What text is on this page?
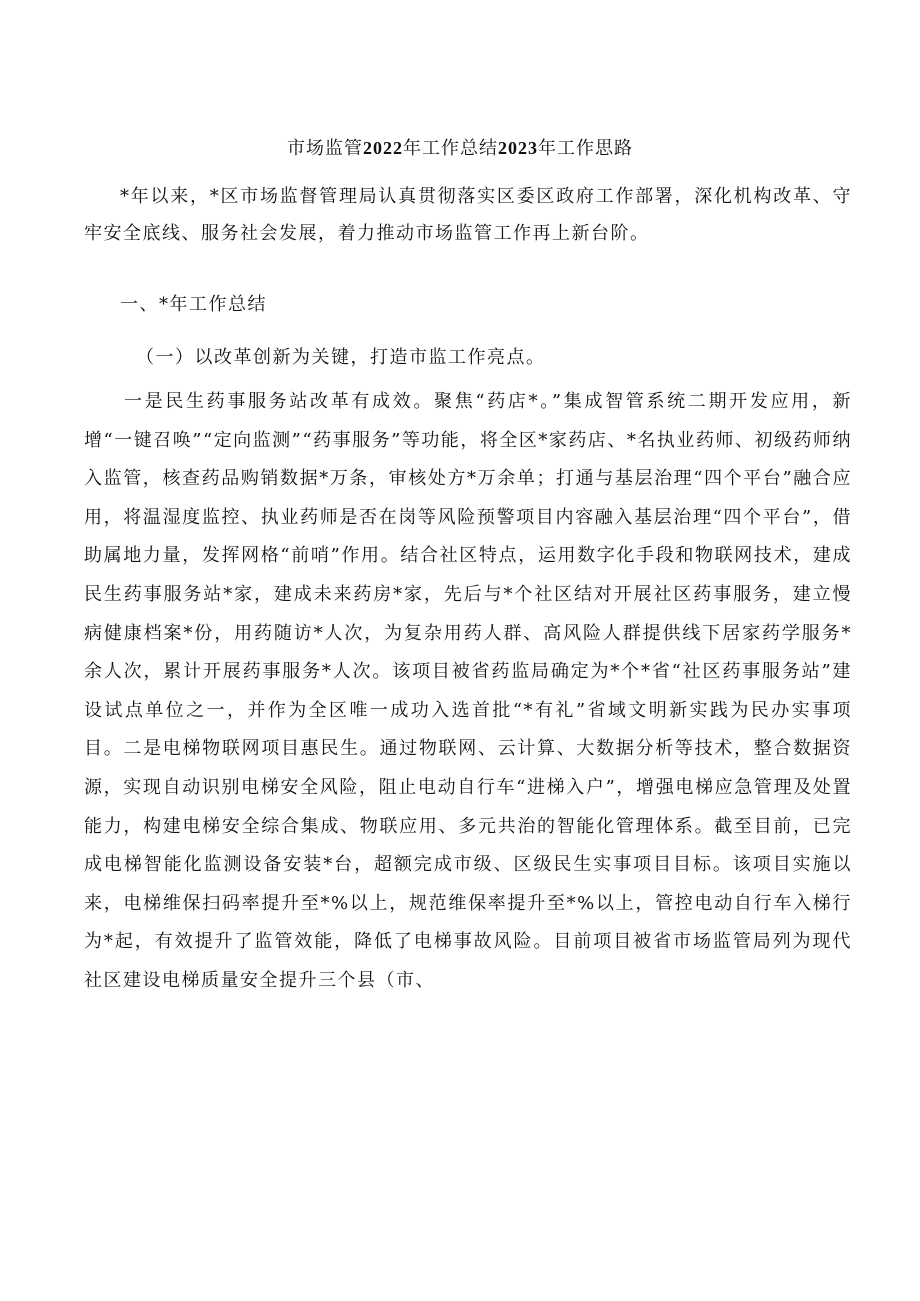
市场监管2022年工作总结2023年工作思路

*年以来，*区市场监督管理局认真贯彻落实区委区政府工作部署，深化机构改革、守牢安全底线、服务社会发展，着力推动市场监管工作再上新台阶。

一、*年工作总结

（一）以改革创新为关键，打造市监工作亮点。

一是民生药事服务站改革有成效。聚焦“药店*。”集成智管系统二期开发应用，新增“一键召唤”“定向监测”“药事服务”等功能，将全区*家药店、*名执业药师、初级药师纳入监管，核查药品购销数据*万条，审核处方*万余单；打通与基层治理“四个平台”融合应用，将温湿度监控、执业药师是否在岗等风险预警项目内容融入基层治理“四个平台”，借助属地力量，发挥网格“前哨”作用。结合社区特点，运用数字化手段和物联网技术，建成民生药事服务站*家，建成未来药房*家，先后与*个社区结对开展社区药事服务，建立慢病健康档案*份，用药随访*人次，为复杂用药人群、高风险人群提供线下居家药学服务*余人次，累计开展药事服务*人次。该项目被省药监局确定为*个*省“社区药事服务站”建设试点单位之一，并作为全区唯一成功入选首批“*有礼”省域文明新实践为民办实事项目。二是电梯物联网项目惠民生。通过物联网、云计算、大数据分析等技术，整合数据资源，实现自动识别电梯安全风险，阻止电动自行车“进梯入户”，增强电梯应急管理及处置能力，构建电梯安全综合集成、物联应用、多元共治的智能化管理体系。截至目前，已完成电梯智能化监测设备安装*台，超额完成市级、区级民生实事项目目标。该项目实施以来，电梯维保扫码率提升至*%以上，规范维保率提升至*%以上，管控电动自行车入梯行为*起，有效提升了监管效能，降低了电梯事故风险。目前项目被省市场监管局列为现代社区建设电梯质量安全提升三个县（市、
